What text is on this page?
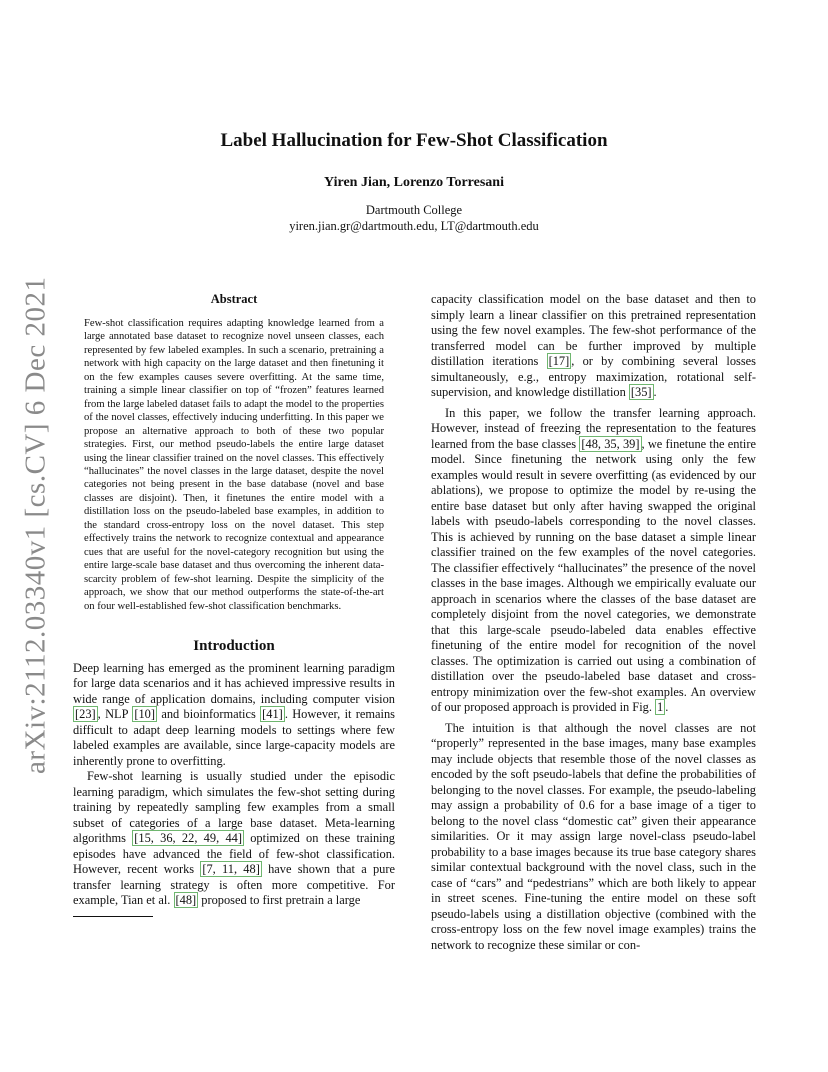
arXiv:2112.03340v1 [cs.CV] 6 Dec 2021
Label Hallucination for Few-Shot Classification
Yiren Jian, Lorenzo Torresani
Dartmouth College
yiren.jian.gr@dartmouth.edu, LT@dartmouth.edu
Abstract

Few-shot classification requires adapting knowledge learned from a large annotated base dataset to recognize novel unseen classes, each represented by few labeled examples. In such a scenario, pretraining a network with high capacity on the large dataset and then finetuning it on the few examples causes severe overfitting. At the same time, training a simple linear classifier on top of “frozen” features learned from the large labeled dataset fails to adapt the model to the properties of the novel classes, effectively inducing underfitting. In this paper we propose an alternative approach to both of these two popular strategies. First, our method pseudo-labels the entire large dataset using the linear classifier trained on the novel classes. This effectively “hallucinates” the novel classes in the large dataset, despite the novel categories not being present in the base database (novel and base classes are disjoint). Then, it finetunes the entire model with a distillation loss on the pseudo-labeled base examples, in addition to the standard cross-entropy loss on the novel dataset. This step effectively trains the network to recognize contextual and appearance cues that are useful for the novel-category recognition but using the entire large-scale base dataset and thus overcoming the inherent data-scarcity problem of few-shot learning. Despite the simplicity of the approach, we show that our method outperforms the state-of-the-art on four well-established few-shot classification benchmarks.

Introduction

Deep learning has emerged as the prominent learning paradigm for large data scenarios and it has achieved impressive results in wide range of application domains, including computer vision [23] , NLP [10] and bioinformatics [41] . However, it remains difficult to adapt deep learning models to settings where few labeled examples are available, since large-capacity models are inherently prone to overfitting.

Few-shot learning is usually studied under the episodic learning paradigm, which simulates the few-shot setting during training by repeatedly sampling few examples from a small subset of categories of a large base dataset. Meta-learning algorithms [15, 36, 22, 49, 44] optimized on these training episodes have advanced the field of few-shot classification. However, recent works [7, 11, 48] have shown that a pure transfer learning strategy is often more competitive. For example, Tian et al. [48] proposed to first pretrain a large

capacity classification model on the base dataset and then to simply learn a linear classifier on this pretrained representation using the few novel examples. The few-shot performance of the transferred model can be further improved by multiple distillation iterations [17] , or by combining several losses simultaneously, e.g., entropy maximization, rotational self-supervision, and knowledge distillation [35] .

In this paper, we follow the transfer learning approach. However, instead of freezing the representation to the features learned from the base classes [48, 35, 39] , we finetune the entire model. Since finetuning the network using only the few examples would result in severe overfitting (as evidenced by our ablations), we propose to optimize the model by re-using the entire base dataset but only after having swapped the original labels with pseudo-labels corresponding to the novel classes. This is achieved by running on the base dataset a simple linear classifier trained on the few examples of the novel categories. The classifier effectively “hallucinates” the presence of the novel classes in the base images. Although we empirically evaluate our approach in scenarios where the classes of the base dataset are completely disjoint from the novel categories, we demonstrate that this large-scale pseudo-labeled data enables effective finetuning of the entire model for recognition of the novel classes. The optimization is carried out using a combination of distillation over the pseudo-labeled base dataset and cross-entropy minimization over the few-shot examples. An overview of our proposed approach is provided in Fig. 1 .

The intuition is that although the novel classes are not “properly” represented in the base images, many base examples may include objects that resemble those of the novel classes as encoded by the soft pseudo-labels that define the probabilities of belonging to the novel classes. For example, the pseudo-labeling may assign a probability of 0.6 for a base image of a tiger to belong to the novel class “domestic cat” given their appearance similarities. Or it may assign large novel-class pseudo-label probability to a base images because its true base category shares similar contextual background with the novel class, such in the case of “cars” and “pedestrians” which are both likely to appear in street scenes. Fine-tuning the entire model on these soft pseudo-labels using a distillation objective (combined with the cross-entropy loss on the few novel image examples) trains the network to recognize these similar or con-
